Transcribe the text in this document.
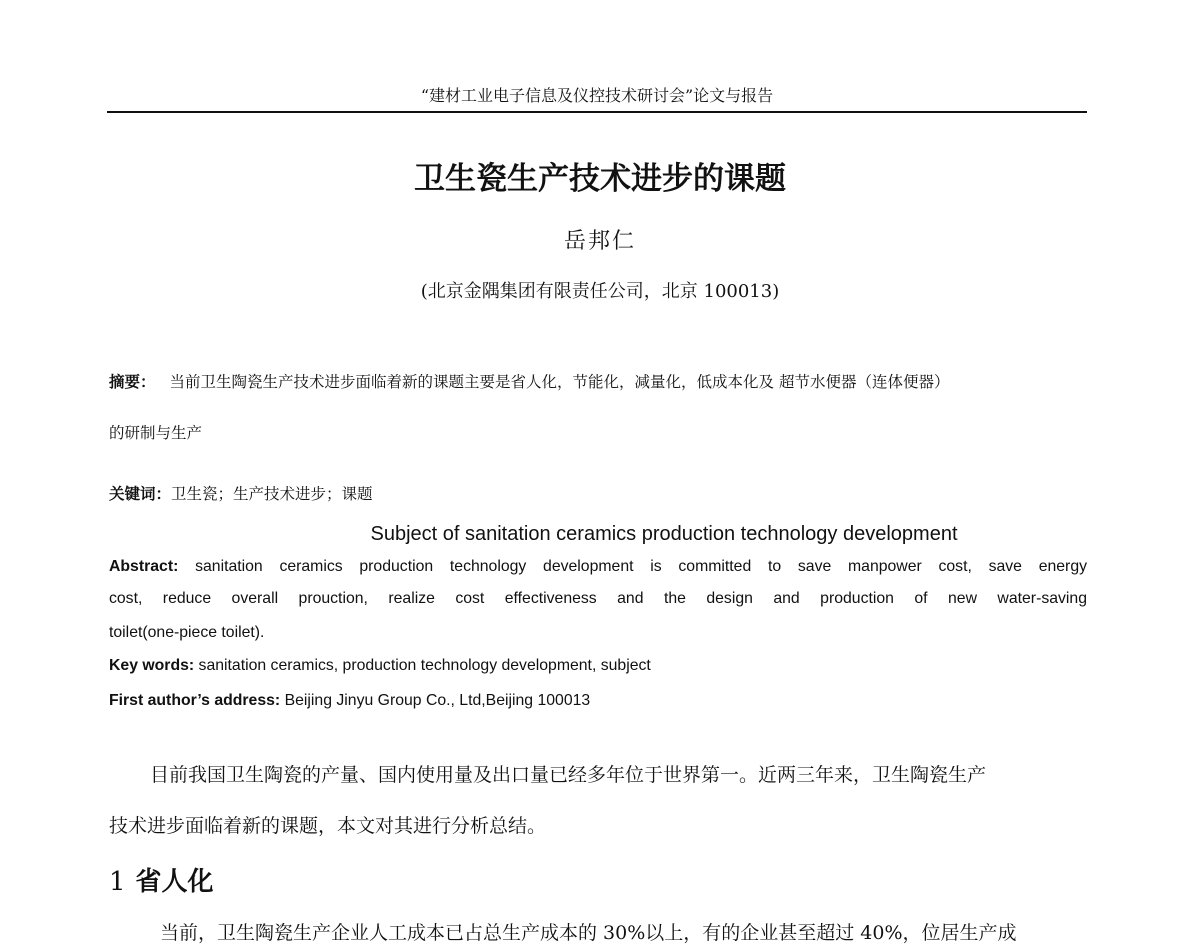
“建材工业电子信息及仪控技术研讨会”论文与报告
卫生瓷生产技术进步的课题
岳邦仁
(北京金隅集团有限责任公司，北京 100013)
摘要： 当前卫生陶瓷生产技术进步面临着新的课题主要是省人化，节能化，减量化，低成本化及 超节水便器（连体便器）
的研制与生产
关键词：卫生瓷；生产技术进步；课题
Subject of sanitation ceramics production technology development
Abstract: sanitation ceramics production technology development is committed to save manpower cost, save energy
cost, reduce overall prouction, realize cost effectiveness and the design and production of new water-saving
toilet(one-piece toilet).
Key words: sanitation ceramics, production technology development, subject
First author’s address: Beijing Jinyu Group Co., Ltd,Beijing 100013
目前我国卫生陶瓷的产量、国内使用量及出口量已经多年位于世界第一。近两三年来，卫生陶瓷生产
技术进步面临着新的课题，本文对其进行分析总结。
1 省人化
当前，卫生陶瓷生产企业人工成本已占总生产成本的 30%以上，有的企业甚至超过 40%，位居生产成
